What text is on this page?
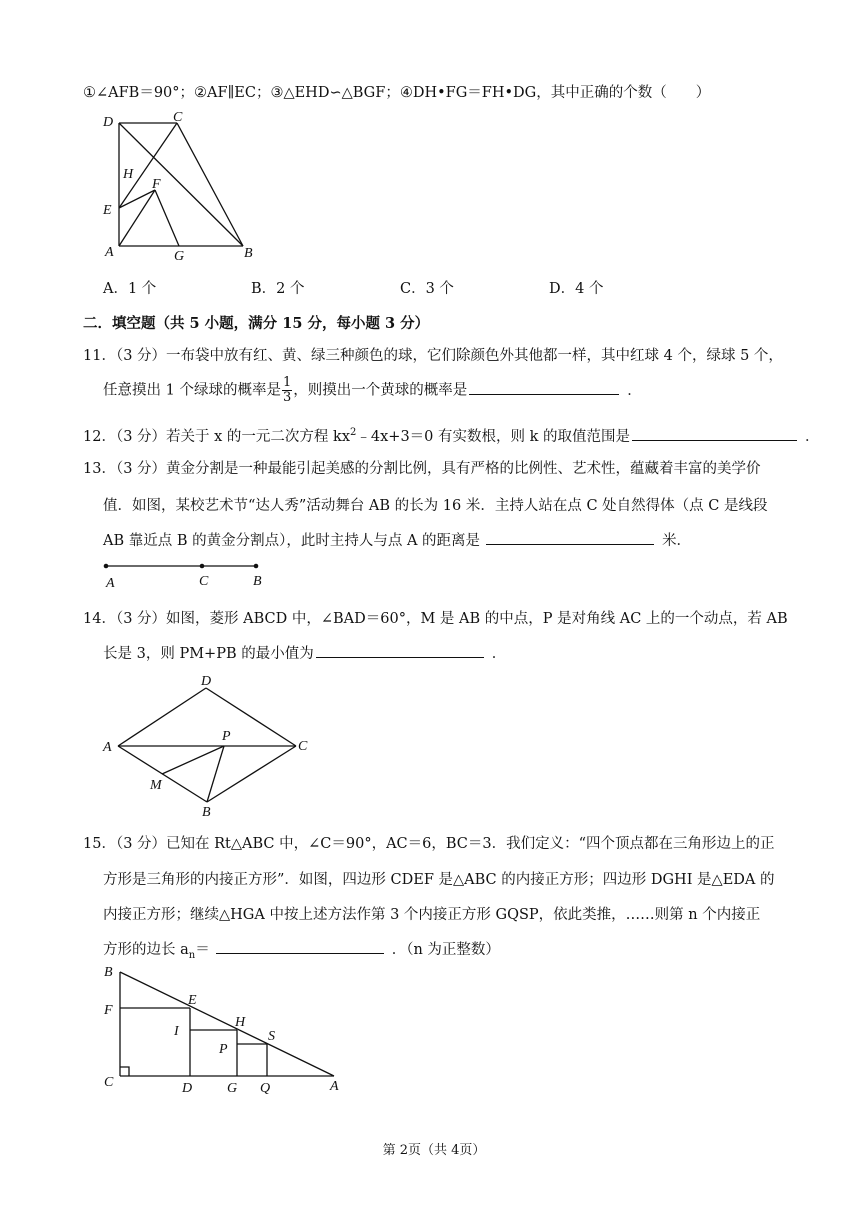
①∠AFB＝90°；②AF∥EC；③△EHD∽△BGF；④DH•FG＝FH•DG，其中正确的个数（　　）
D	C
H
F
E
A	G	B
A．1 个	B．2 个	C．3 个	D．4 个
二．填空题（共 5 小题，满分 15 分，每小题 3 分）
11．（3 分）一布袋中放有红、黄、绿三种颜色的球，它们除颜色外其他都一样，其中红球 4 个，绿球 5 个，
任意摸出 1 个绿球的概率是 $\frac{1}{3}$ ，则摸出一个黄球的概率是	．
12．（3 分）若关于 x 的一元二次方程 $kx^2﹣4x+3=0$ 有实数根，则 k 的取值范围是	．
13．（3 分）黄金分割是一种最能引起美感的分割比例，具有严格的比例性、艺术性，蕴藏着丰富的美学价
值．如图，某校艺术节“达人秀”活动舞台 AB 的长为 16 米．主持人站在点 C 处自然得体（点 C 是线段
AB 靠近点 B 的黄金分割点），此时主持人与点 A 的距离是	米．
A	C	B
14．（3 分）如图，菱形 ABCD 中，∠BAD＝60°，M 是 AB 的中点，P 是对角线 AC 上的一个动点，若 AB
长是 3，则 PM+PB 的最小值为	．
D
A
P
C
M
B
15．（3 分）已知在 Rt△ABC 中，∠C＝90°，AC＝6，BC＝3．我们定义：“四个顶点都在三角形边上的正
方形是三角形的内接正方形”．如图，四边形 CDEF 是△ABC 的内接正方形；四边形 DGHI 是△EDA 的
内接正方形；继续△HGA 中按上述方法作第 3 个内接正方形 GQSP，依此类推，……则第 n 个内接正
方形的边长 $a_n=$	．（n 为正整数）
B
F
E
I
H
S
P
C	D G Q	A
第 2页（共 4页）
